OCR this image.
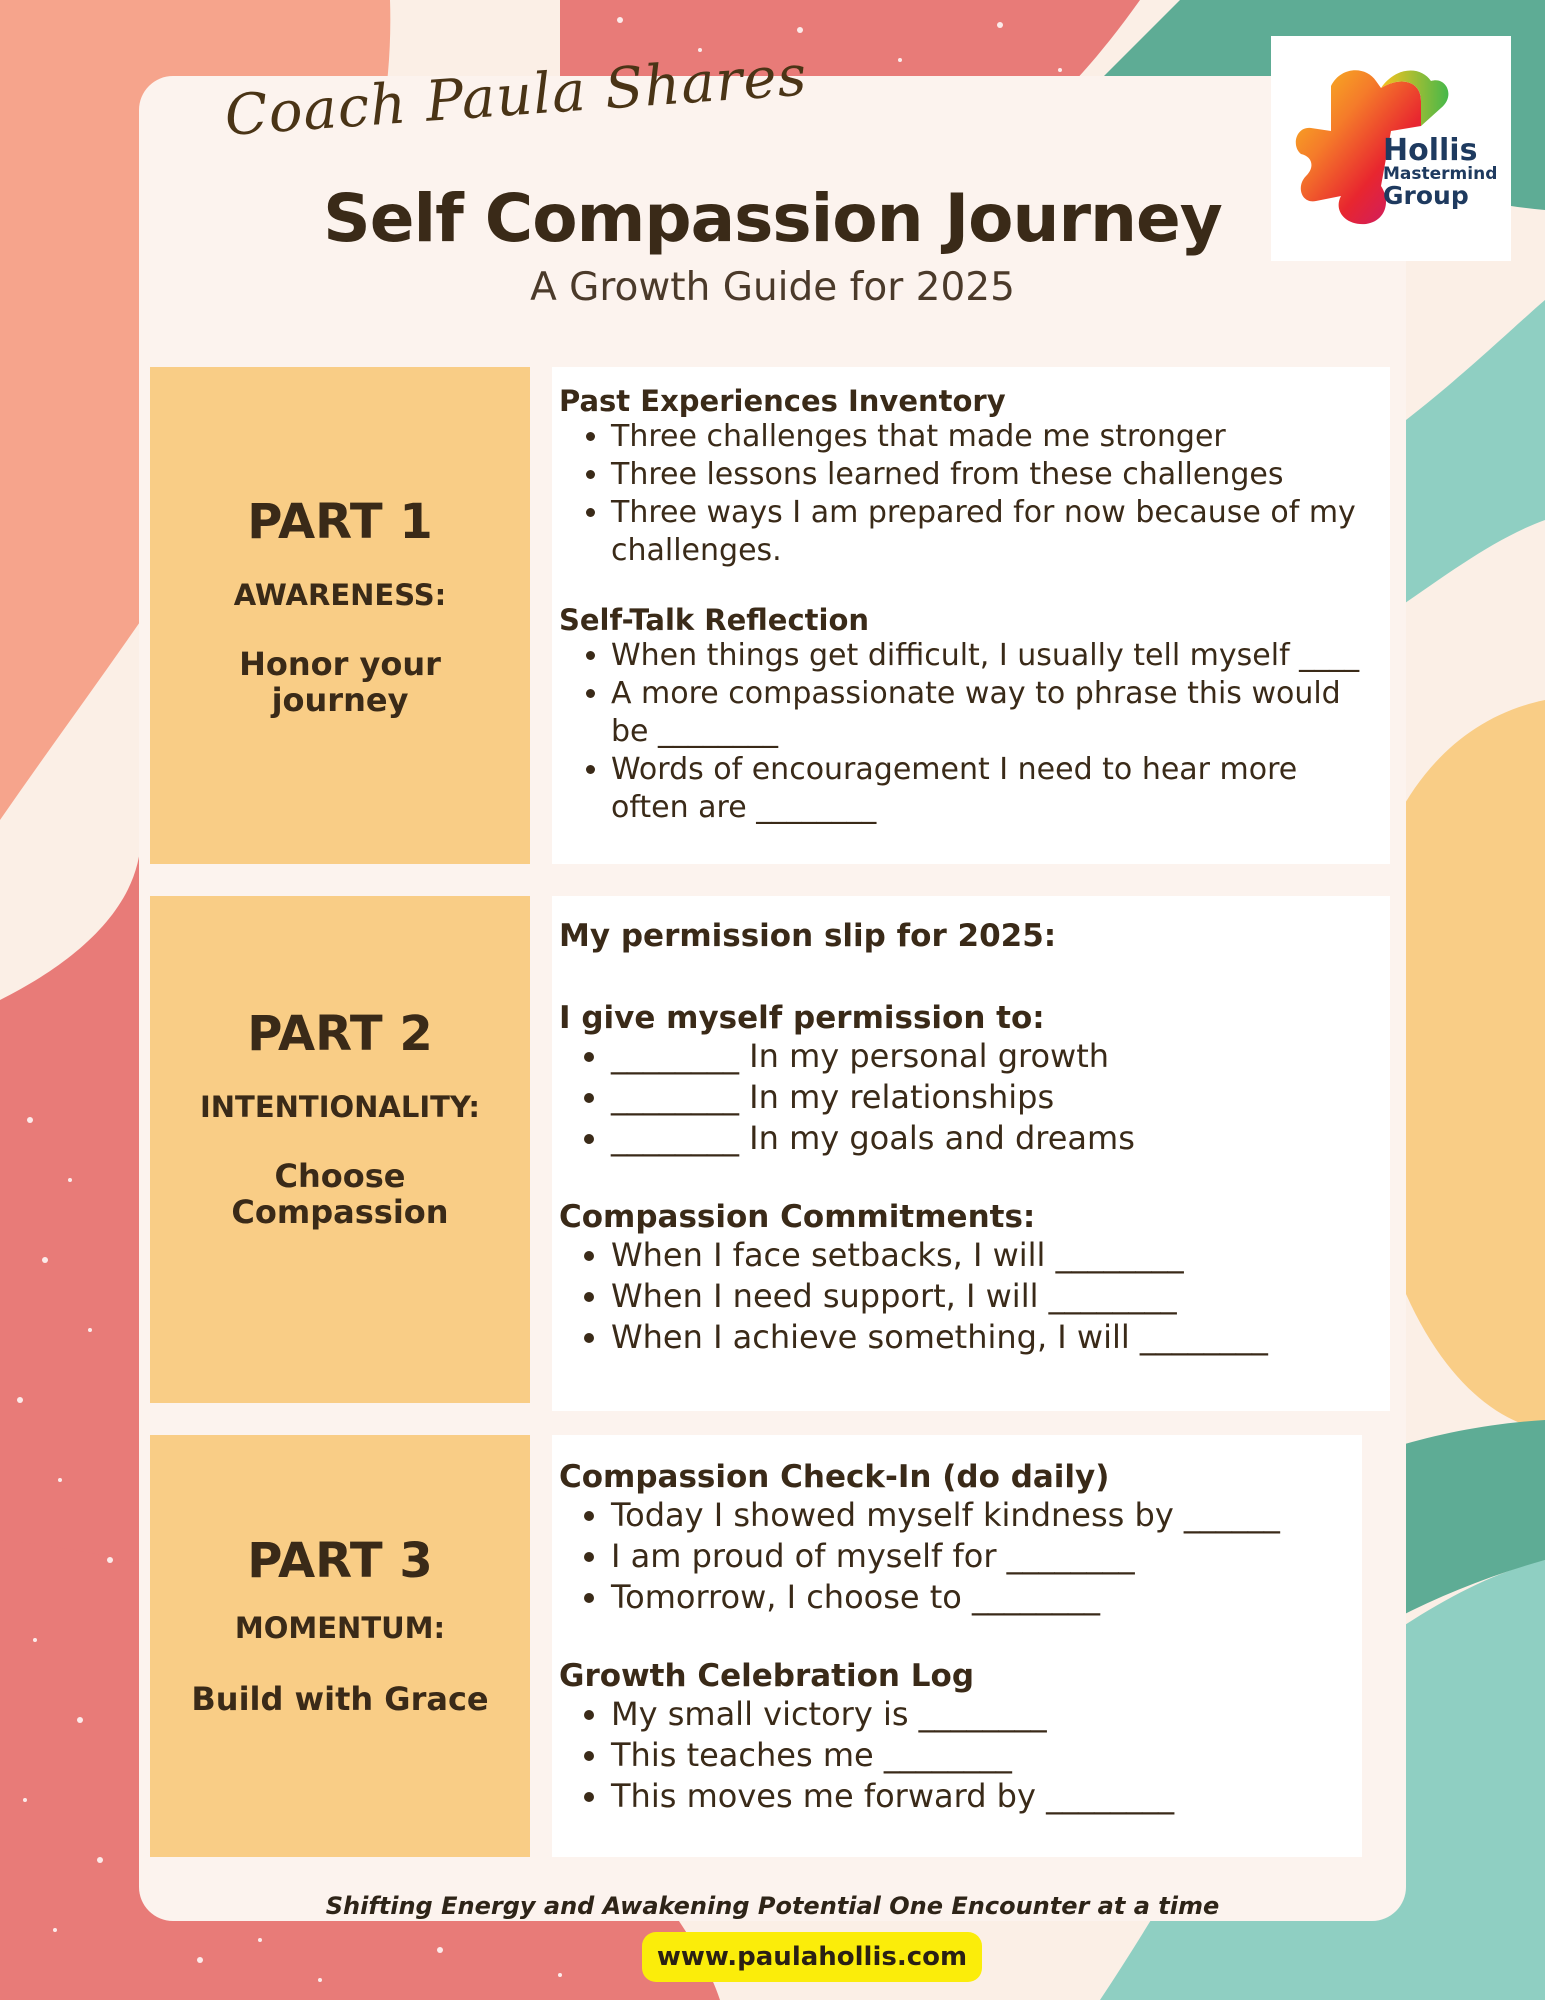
Coach Paula Shares
Self Compassion Journey
A Growth Guide for 2025
Hollis
Mastermind
Group
PART 1
AWARENESS:
Honor your journey

Past Experiences Inventory

• Three challenges that made me stronger
• Three lessons learned from these challenges
• Three ways I am prepared for now because of my challenges.

Self-Talk Reflection

• When things get difficult, I usually tell myself ____
• A more compassionate way to phrase this would be ________
• Words of encouragement I need to hear more often are ________
PART 2
INTENTIONALITY:
Choose Compassion

My permission slip for 2025:

I give myself permission to:

• ________ In my personal growth
• ________ In my relationships
• ________ In my goals and dreams

Compassion Commitments:

• When I face setbacks, I will ________
• When I need support, I will ________
• When I achieve something, I will ________
PART 3
MOMENTUM:
Build with Grace

Compassion Check-In (do daily)

• Today I showed myself kindness by ______
• I am proud of myself for ________
• Tomorrow, I choose to ________

Growth Celebration Log

• My small victory is ________
• This teaches me ________
• This moves me forward by ________
Shifting Energy and Awakening Potential One Encounter at a time
www.paulahollis.com
